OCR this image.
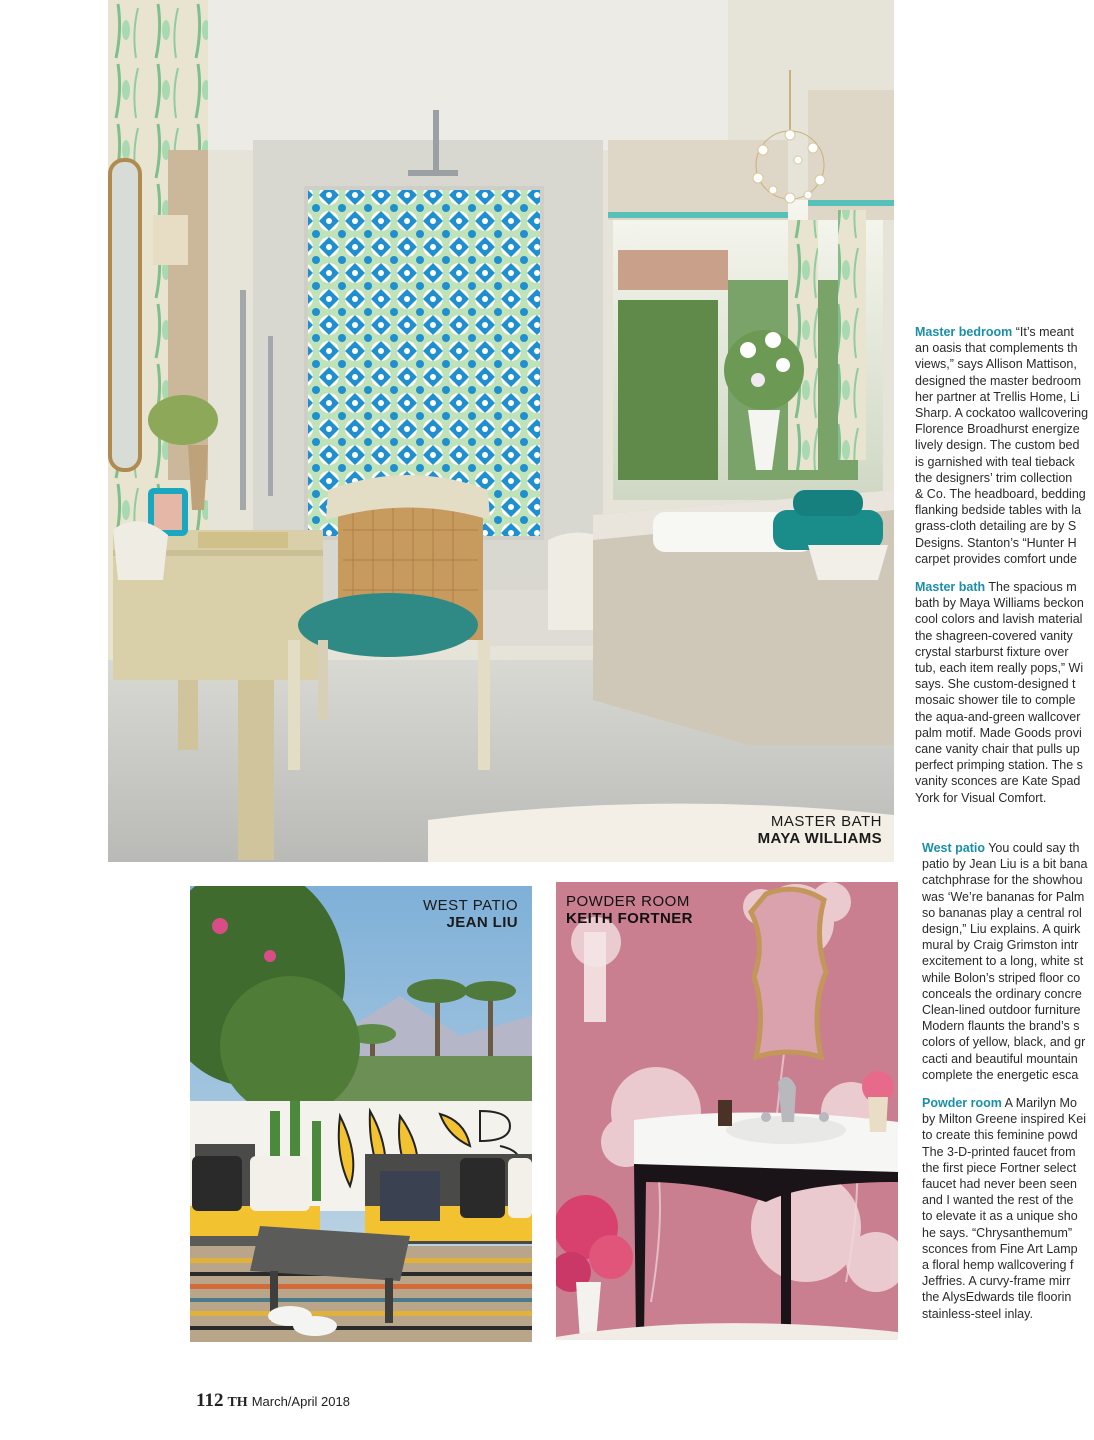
MASTER BATH
MAYA WILLIAMS
WEST PATIO
JEAN LIU
POWDER ROOM
KEITH FORTNER
Master bedroom “It’s meant
an oasis that complements th
views,” says Allison Mattison,
designed the master bedroom
her partner at Trellis Home, Li
Sharp. A cockatoo wallcovering
Florence Broadhurst energize
lively design. The custom bed
is garnished with teal tieback
the designers’ trim collection
& Co. The headboard, bedding
flanking bedside tables with la
grass-cloth detailing are by S
Designs. Stanton’s “Hunter H
carpet provides comfort unde
Master bath The spacious m
bath by Maya Williams beckon
cool colors and lavish material
the shagreen-covered vanity
crystal starburst fixture over
tub, each item really pops,” Wi
says. She custom-designed t
mosaic shower tile to comple
the aqua-and-green wallcover
palm motif. Made Goods provi
cane vanity chair that pulls up
perfect primping station. The s
vanity sconces are Kate Spad
York for Visual Comfort.
West patio You could say th
patio by Jean Liu is a bit bana
catchphrase for the showhou
was ‘We’re bananas for Palm
so bananas play a central rol
design,” Liu explains. A quirk
mural by Craig Grimston intr
excitement to a long, white st
while Bolon’s striped floor co
conceals the ordinary concre
Clean-lined outdoor furniture
Modern flaunts the brand’s s
colors of yellow, black, and gr
cacti and beautiful mountain
complete the energetic esca
Powder room A Marilyn Mo
by Milton Greene inspired Kei
to create this feminine powd
The 3-D-printed faucet from
the first piece Fortner select
faucet had never been seen
and I wanted the rest of the
to elevate it as a unique sho
he says. “Chrysanthemum”
sconces from Fine Art Lamp
a floral hemp wallcovering f
Jeffries. A curvy-frame mirr
the AlysEdwards tile floorin
stainless-steel inlay.
112 TH March/April 2018
